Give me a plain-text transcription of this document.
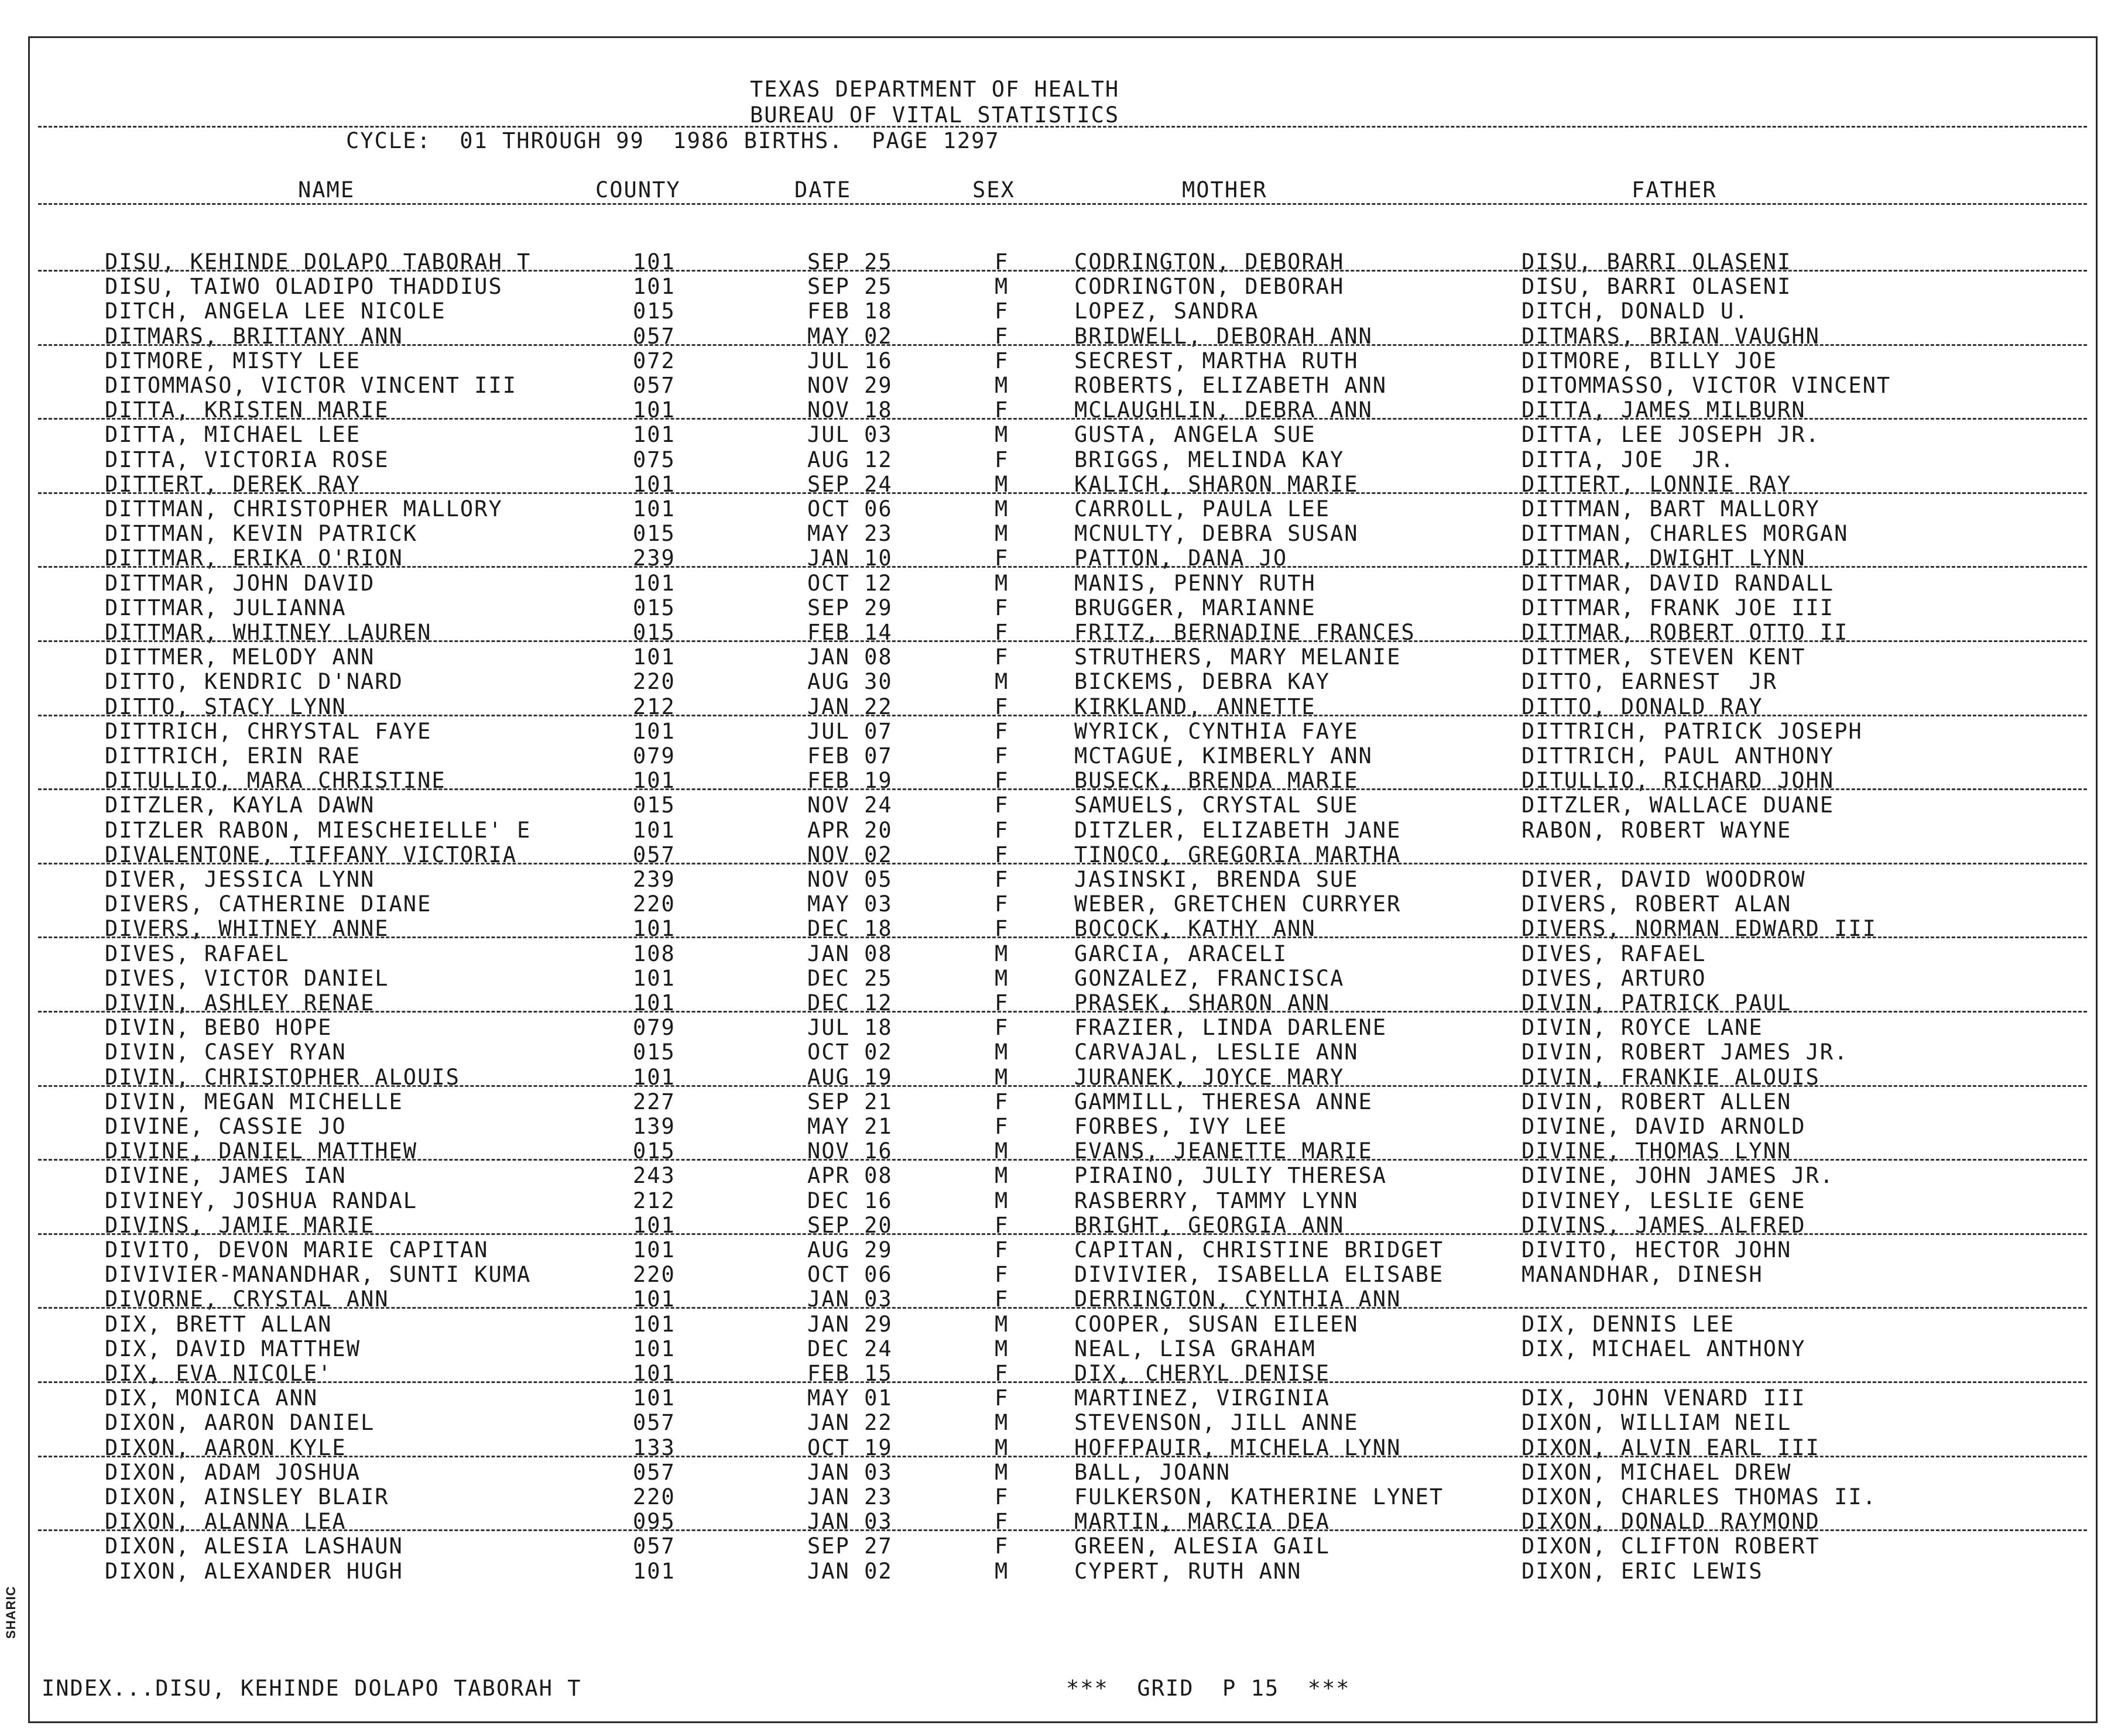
SHARIC
TEXAS DEPARTMENT OF HEALTH
BUREAU OF VITAL STATISTICS
CYCLE:  01 THROUGH 99  1986 BIRTHS.  PAGE 1297
NAME	COUNTY	DATE	SEX	MOTHER	FATHER
DISU, KEHINDE DOLAPO TABORAH T	101	SEP 25	F	CODRINGTON, DEBORAH	DISU, BARRI OLASENI
DISU, TAIWO OLADIPO THADDIUS	101	SEP 25	M	CODRINGTON, DEBORAH	DISU, BARRI OLASENI
DITCH, ANGELA LEE NICOLE	015	FEB 18	F	LOPEZ, SANDRA	DITCH, DONALD U.
DITMARS, BRITTANY ANN	057	MAY 02	F	BRIDWELL, DEBORAH ANN	DITMARS, BRIAN VAUGHN
DITMORE, MISTY LEE	072	JUL 16	F	SECREST, MARTHA RUTH	DITMORE, BILLY JOE
DITOMMASO, VICTOR VINCENT III	057	NOV 29	M	ROBERTS, ELIZABETH ANN	DITOMMASSO, VICTOR VINCENT
DITTA, KRISTEN MARIE	101	NOV 18	F	MCLAUGHLIN, DEBRA ANN	DITTA, JAMES MILBURN
DITTA, MICHAEL LEE	101	JUL 03	M	GUSTA, ANGELA SUE	DITTA, LEE JOSEPH JR.
DITTA, VICTORIA ROSE	075	AUG 12	F	BRIGGS, MELINDA KAY	DITTA, JOE  JR.
DITTERT, DEREK RAY	101	SEP 24	M	KALICH, SHARON MARIE	DITTERT, LONNIE RAY
DITTMAN, CHRISTOPHER MALLORY	101	OCT 06	M	CARROLL, PAULA LEE	DITTMAN, BART MALLORY
DITTMAN, KEVIN PATRICK	015	MAY 23	M	MCNULTY, DEBRA SUSAN	DITTMAN, CHARLES MORGAN
DITTMAR, ERIKA O'RION	239	JAN 10	F	PATTON, DANA JO	DITTMAR, DWIGHT LYNN
DITTMAR, JOHN DAVID	101	OCT 12	M	MANIS, PENNY RUTH	DITTMAR, DAVID RANDALL
DITTMAR, JULIANNA	015	SEP 29	F	BRUGGER, MARIANNE	DITTMAR, FRANK JOE III
DITTMAR, WHITNEY LAUREN	015	FEB 14	F	FRITZ, BERNADINE FRANCES	DITTMAR, ROBERT OTTO II
DITTMER, MELODY ANN	101	JAN 08	F	STRUTHERS, MARY MELANIE	DITTMER, STEVEN KENT
DITTO, KENDRIC D'NARD	220	AUG 30	M	BICKEMS, DEBRA KAY	DITTO, EARNEST  JR
DITTO, STACY LYNN	212	JAN 22	F	KIRKLAND, ANNETTE	DITTO, DONALD RAY
DITTRICH, CHRYSTAL FAYE	101	JUL 07	F	WYRICK, CYNTHIA FAYE	DITTRICH, PATRICK JOSEPH
DITTRICH, ERIN RAE	079	FEB 07	F	MCTAGUE, KIMBERLY ANN	DITTRICH, PAUL ANTHONY
DITULLIO, MARA CHRISTINE	101	FEB 19	F	BUSECK, BRENDA MARIE	DITULLIO, RICHARD JOHN
DITZLER, KAYLA DAWN	015	NOV 24	F	SAMUELS, CRYSTAL SUE	DITZLER, WALLACE DUANE
DITZLER RABON, MIESCHEIELLE' E	101	APR 20	F	DITZLER, ELIZABETH JANE	RABON, ROBERT WAYNE
DIVALENTONE, TIFFANY VICTORIA	057	NOV 02	F	TINOCO, GREGORIA MARTHA
DIVER, JESSICA LYNN	239	NOV 05	F	JASINSKI, BRENDA SUE	DIVER, DAVID WOODROW
DIVERS, CATHERINE DIANE	220	MAY 03	F	WEBER, GRETCHEN CURRYER	DIVERS, ROBERT ALAN
DIVERS, WHITNEY ANNE	101	DEC 18	F	BOCOCK, KATHY ANN	DIVERS, NORMAN EDWARD III
DIVES, RAFAEL	108	JAN 08	M	GARCIA, ARACELI	DIVES, RAFAEL
DIVES, VICTOR DANIEL	101	DEC 25	M	GONZALEZ, FRANCISCA	DIVES, ARTURO
DIVIN, ASHLEY RENAE	101	DEC 12	F	PRASEK, SHARON ANN	DIVIN, PATRICK PAUL
DIVIN, BEBO HOPE	079	JUL 18	F	FRAZIER, LINDA DARLENE	DIVIN, ROYCE LANE
DIVIN, CASEY RYAN	015	OCT 02	M	CARVAJAL, LESLIE ANN	DIVIN, ROBERT JAMES JR.
DIVIN, CHRISTOPHER ALOUIS	101	AUG 19	M	JURANEK, JOYCE MARY	DIVIN, FRANKIE ALOUIS
DIVIN, MEGAN MICHELLE	227	SEP 21	F	GAMMILL, THERESA ANNE	DIVIN, ROBERT ALLEN
DIVINE, CASSIE JO	139	MAY 21	F	FORBES, IVY LEE	DIVINE, DAVID ARNOLD
DIVINE, DANIEL MATTHEW	015	NOV 16	M	EVANS, JEANETTE MARIE	DIVINE, THOMAS LYNN
DIVINE, JAMES IAN	243	APR 08	M	PIRAINO, JULIY THERESA	DIVINE, JOHN JAMES JR.
DIVINEY, JOSHUA RANDAL	212	DEC 16	M	RASBERRY, TAMMY LYNN	DIVINEY, LESLIE GENE
DIVINS, JAMIE MARIE	101	SEP 20	F	BRIGHT, GEORGIA ANN	DIVINS, JAMES ALFRED
DIVITO, DEVON MARIE CAPITAN	101	AUG 29	F	CAPITAN, CHRISTINE BRIDGET	DIVITO, HECTOR JOHN
DIVIVIER-MANANDHAR, SUNTI KUMA	220	OCT 06	F	DIVIVIER, ISABELLA ELISABE	MANANDHAR, DINESH
DIVORNE, CRYSTAL ANN	101	JAN 03	F	DERRINGTON, CYNTHIA ANN
DIX, BRETT ALLAN	101	JAN 29	M	COOPER, SUSAN EILEEN	DIX, DENNIS LEE
DIX, DAVID MATTHEW	101	DEC 24	M	NEAL, LISA GRAHAM	DIX, MICHAEL ANTHONY
DIX, EVA NICOLE'	101	FEB 15	F	DIX, CHERYL DENISE
DIX, MONICA ANN	101	MAY 01	F	MARTINEZ, VIRGINIA	DIX, JOHN VENARD III
DIXON, AARON DANIEL	057	JAN 22	M	STEVENSON, JILL ANNE	DIXON, WILLIAM NEIL
DIXON, AARON KYLE	133	OCT 19	M	HOFFPAUIR, MICHELA LYNN	DIXON, ALVIN EARL III
DIXON, ADAM JOSHUA	057	JAN 03	M	BALL, JOANN	DIXON, MICHAEL DREW
DIXON, AINSLEY BLAIR	220	JAN 23	F	FULKERSON, KATHERINE LYNET	DIXON, CHARLES THOMAS II.
DIXON, ALANNA LEA	095	JAN 03	F	MARTIN, MARCIA DEA	DIXON, DONALD RAYMOND
DIXON, ALESIA LASHAUN	057	SEP 27	F	GREEN, ALESIA GAIL	DIXON, CLIFTON ROBERT
DIXON, ALEXANDER HUGH	101	JAN 02	M	CYPERT, RUTH ANN	DIXON, ERIC LEWIS
INDEX...DISU, KEHINDE DOLAPO TABORAH T	***  GRID  P 15  ***
